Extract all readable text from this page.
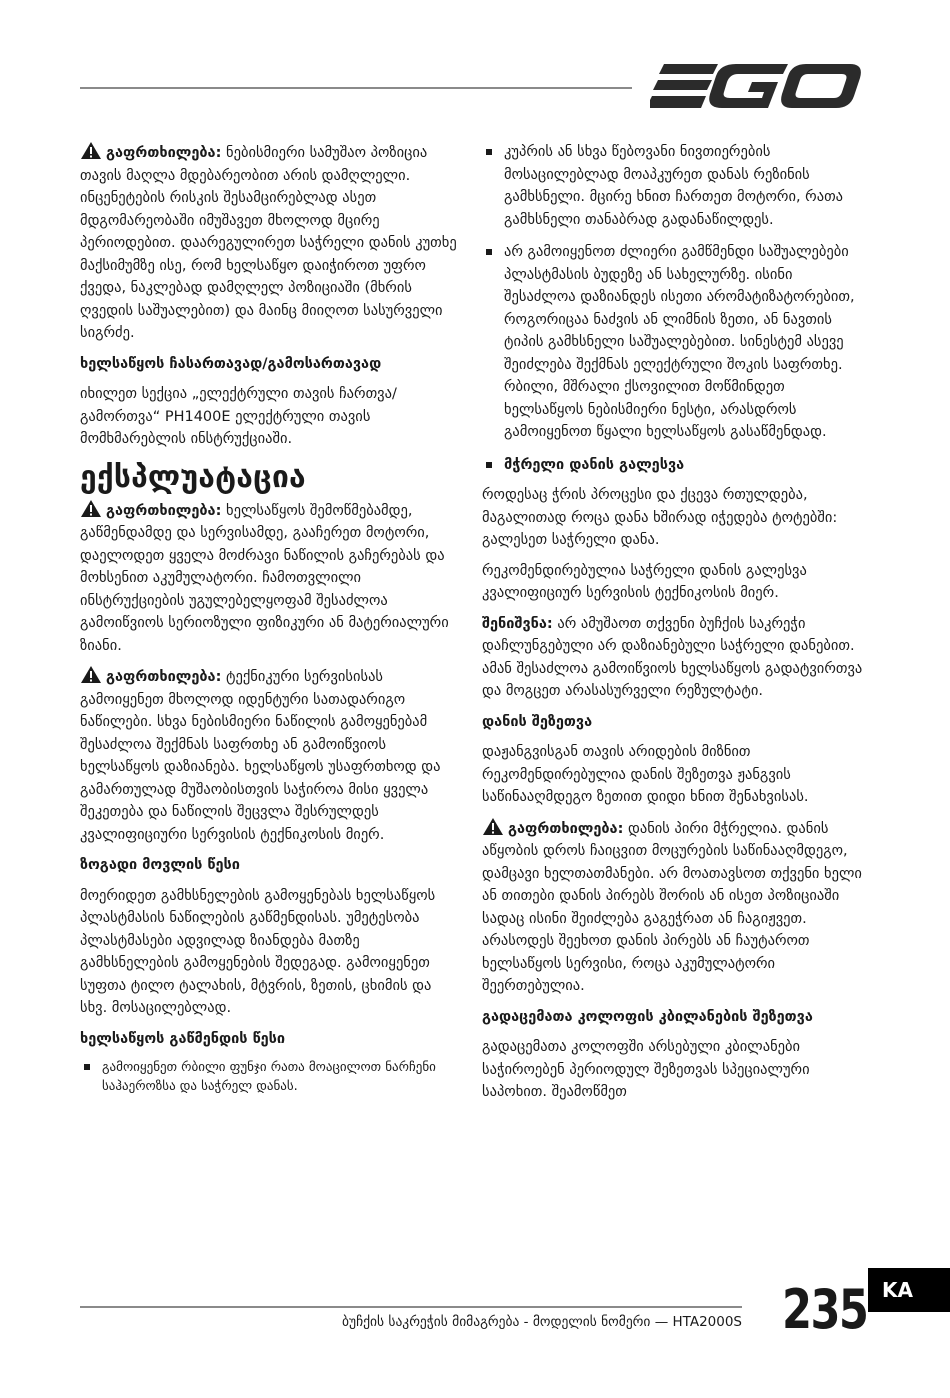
გაფრთხილება: ნებისმიერი სამუშაო პოზიცია თავის მაღლა მდებარეობით არის დამღლელი. ინცენეტების რისკის შესამცირებლად ასეთ მდგომარეობაში იმუშავეთ მხოლოდ მცირე პერიოდებით. დაარეგულირეთ საჭრელი დანის კუთხე მაქსიმუმზე ისე, რომ ხელსაწყო დაიჭიროთ უფრო ქვედა, ნაკლებად დამღლელ პოზიციაში (მხრის ღვედის საშუალებით) და მაინც მიიღოთ სასურველი სიგრძე.

ხელსაწყოს ჩასართავად/გამოსართავად

იხილეთ სექცია „ელექტრული თავის ჩართვა/გამორთვა“ PH1400E ელექტრული თავის მომხმარებლის ინსტრუქციაში.

ექსპლუატაცია

გაფრთხილება: ხელსაწყოს შემოწმებამდე, გაწმენდამდე და სერვისამდე, გააჩერეთ მოტორი, დაელოდეთ ყველა მოძრავი ნაწილის გაჩერებას და მოხსენით აკუმულატორი. ჩამოთვლილი ინსტრუქციების უგულებელყოფამ შესაძლოა გამოიწვიოს სერიოზული ფიზიკური ან მატერიალური ზიანი.

გაფრთხილება: ტექნიკური სერვისისას გამოიყენეთ მხოლოდ იდენტური სათადარიგო ნაწილები. სხვა ნებისმიერი ნაწილის გამოყენებამ შესაძლოა შექმნას საფრთხე ან გამოიწვიოს ხელსაწყოს დაზიანება. ხელსაწყოს უსაფრთხოდ და გამართულად მუშაობისთვის საჭიროა მისი ყველა შეკეთება და ნაწილის შეცვლა შესრულდეს კვალიფიციური სერვისის ტექნიკოსის მიერ.

ზოგადი მოვლის წესი

მოერიდეთ გამხსნელების გამოყენებას ხელსაწყოს პლასტმასის ნაწილების გაწმენდისას. უმეტესობა პლასტმასები ადვილად ზიანდება მათზე გამხსნელების გამოყენების შედეგად. გამოიყენეთ სუფთა ტილო ტალახის, მტვრის, ზეთის, ცხიმის და სხვ. მოსაცილებლად.

ხელსაწყოს გაწმენდის წესი
გამოიყენეთ რბილი ფუნჯი რათა მოაცილოთ ნარჩენი საჰაეროზსა და საჭრელ დანას.
კუპრის ან სხვა წებოვანი ნივთიერების მოსაცილებლად მოაპკურეთ დანას რეზინის გამხსნელი. მცირე ხნით ჩართეთ მოტორი, რათა გამხსნელი თანაბრად გადანაწილდეს.
არ გამოიყენოთ ძლიერი გამწმენდი საშუალებები პლასტმასის ბუდეზე ან სახელურზე. ისინი შესაძლოა დაზიანდეს ისეთი არომატიზატორებით, როგორიცაა ნაძვის ან ლიმნის ზეთი, ან ნავთის ტიპის გამხსნელი საშუალებებით. სინესტემ ასევე შეიძლება შექმნას ელექტრული შოკის საფრთხე. რბილი, მშრალი ქსოვილით მოწმინდეთ ხელსაწყოს ნებისმიერი ნესტი, არასდროს გამოიყენოთ წყალი ხელსაწყოს გასაწმენდად.
მჭრელი დანის გალესვა

როდესაც ჭრის პროცესი და ქცევა რთულდება, მაგალითად როცა დანა ხშირად იჭედება ტოტებში: გალესეთ საჭრელი დანა.

რეკომენდირებულია საჭრელი დანის გალესვა კვალიფიციურ სერვისის ტექნიკოსის მიერ.

შენიშვნა: არ ამუშაოთ თქვენი ბუჩქის საკრეჭი დაჩლუნგებული არ დაზიანებული საჭრელი დანებით. ამან შესაძლოა გამოიწვიოს ხელსაწყოს გადატვირთვა და მოგცეთ არასასურველი რეზულტატი.

დანის შეზეთვა

დაჟანგვისგან თავის არიდების მიზნით რეკომენდირებულია დანის შეზეთვა ჟანგვის საწინააღმდეგო ზეთით დიდი ხნით შენახვისას.

გაფრთხილება: დანის პირი მჭრელია. დანის აწყობის დროს ჩაიცვით მოცურების საწინააღმდეგო, დამცავი ხელთათმანები. არ მოათავსოთ თქვენი ხელი ან თითები დანის პირებს შორის ან ისეთ პოზიციაში სადაც ისინი შეიძლება გაგეჭრათ ან ჩაგიჟვეთ. არასოდეს შეეხოთ დანის პირებს ან ჩაუტაროთ ხელსაწყოს სერვისი, როცა აკუმულატორი შეერთებულია.

გადაცემათა კოლოფის კბილანების შეზეთვა

გადაცემათა კოლოფში არსებული კბილანები საჭიროებენ პერიოდულ შეზეთვას სპეციალური საპოხით. შეამოწმეთ

ბუჩქის საკრეჭის მიმაგრება - მოდელის ნომერი — HTA2000S 235 KA
